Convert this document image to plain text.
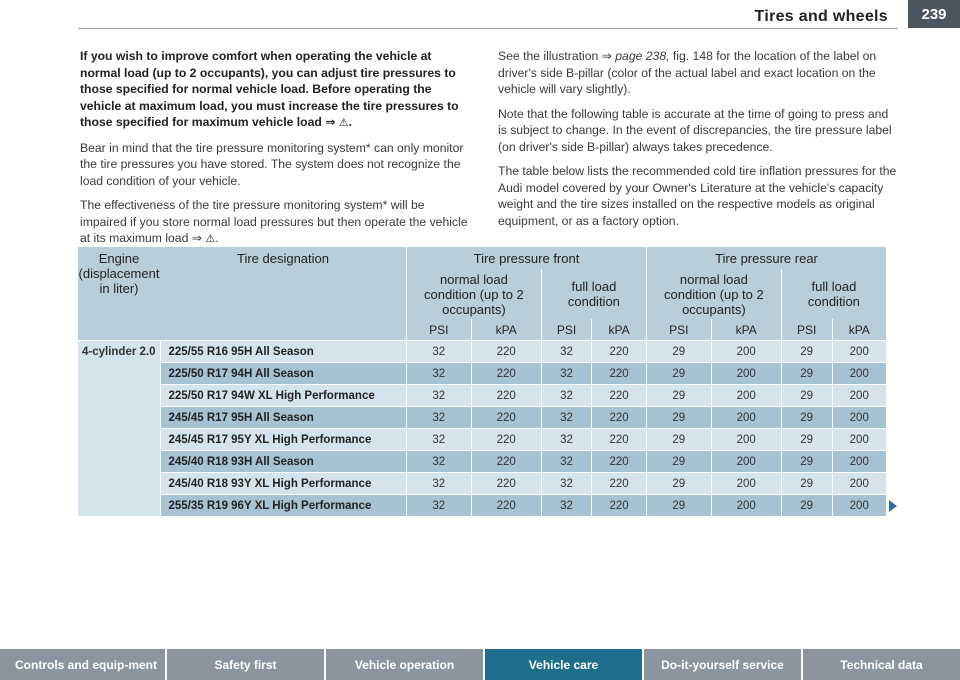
Tires and wheels	239

If you wish to improve comfort when operating the vehicle at normal load (up to 2 occupants), you can adjust tire pressures to those specified for normal vehicle load. Before operating the vehicle at maximum load, you must increase the tire pressures to those specified for maximum vehicle load ⇒ ⚠.

Bear in mind that the tire pressure monitoring system* can only monitor the tire pressures you have stored. The system does not recognize the load condition of your vehicle.

The effectiveness of the tire pressure monitoring system* will be impaired if you store normal load pressures but then operate the vehicle at its maximum load ⇒ ⚠.

See the illustration ⇒ page 238, fig. 148 for the location of the label on driver's side B-pillar (color of the actual label and exact location on the vehicle will vary slightly).

Note that the following table is accurate at the time of going to press and is subject to change. In the event of discrepancies, the tire pressure label (on driver's side B-pillar) always takes precedence.

The table below lists the recommended cold tire inflation pressures for the Audi model covered by your Owner's Literature at the vehicle's capacity weight and the tire sizes installed on the respective models as original equipment, or as a factory option.

Engine (displacement in liter)	Tire designation	Tire pressure front				Tire pressure rear			
		normal load condition (up to 2 occupants)		full load condition		normal load condition (up to 2 occupants)		full load condition	
		PSI	kPA	PSI	kPA	PSI	kPA	PSI	kPA
4-cylinder 2.0	225/55 R16 95H All Season	32	220	32	220	29	200	29	200
	225/50 R17 94H All Season	32	220	32	220	29	200	29	200
	225/50 R17 94W XL High Performance	32	220	32	220	29	200	29	200
	245/45 R17 95H All Season	32	220	32	220	29	200	29	200
	245/45 R17 95Y XL High Performance	32	220	32	220	29	200	29	200
	245/40 R18 93H All Season	32	220	32	220	29	200	29	200
	245/40 R18 93Y XL High Performance	32	220	32	220	29	200	29	200
	255/35 R19 96Y XL High Performance	32	220	32	220	29	200	29	200
Controls and equip-ment	Safety first	Vehicle operation	Vehicle care	Do-it-yourself service	Technical data
